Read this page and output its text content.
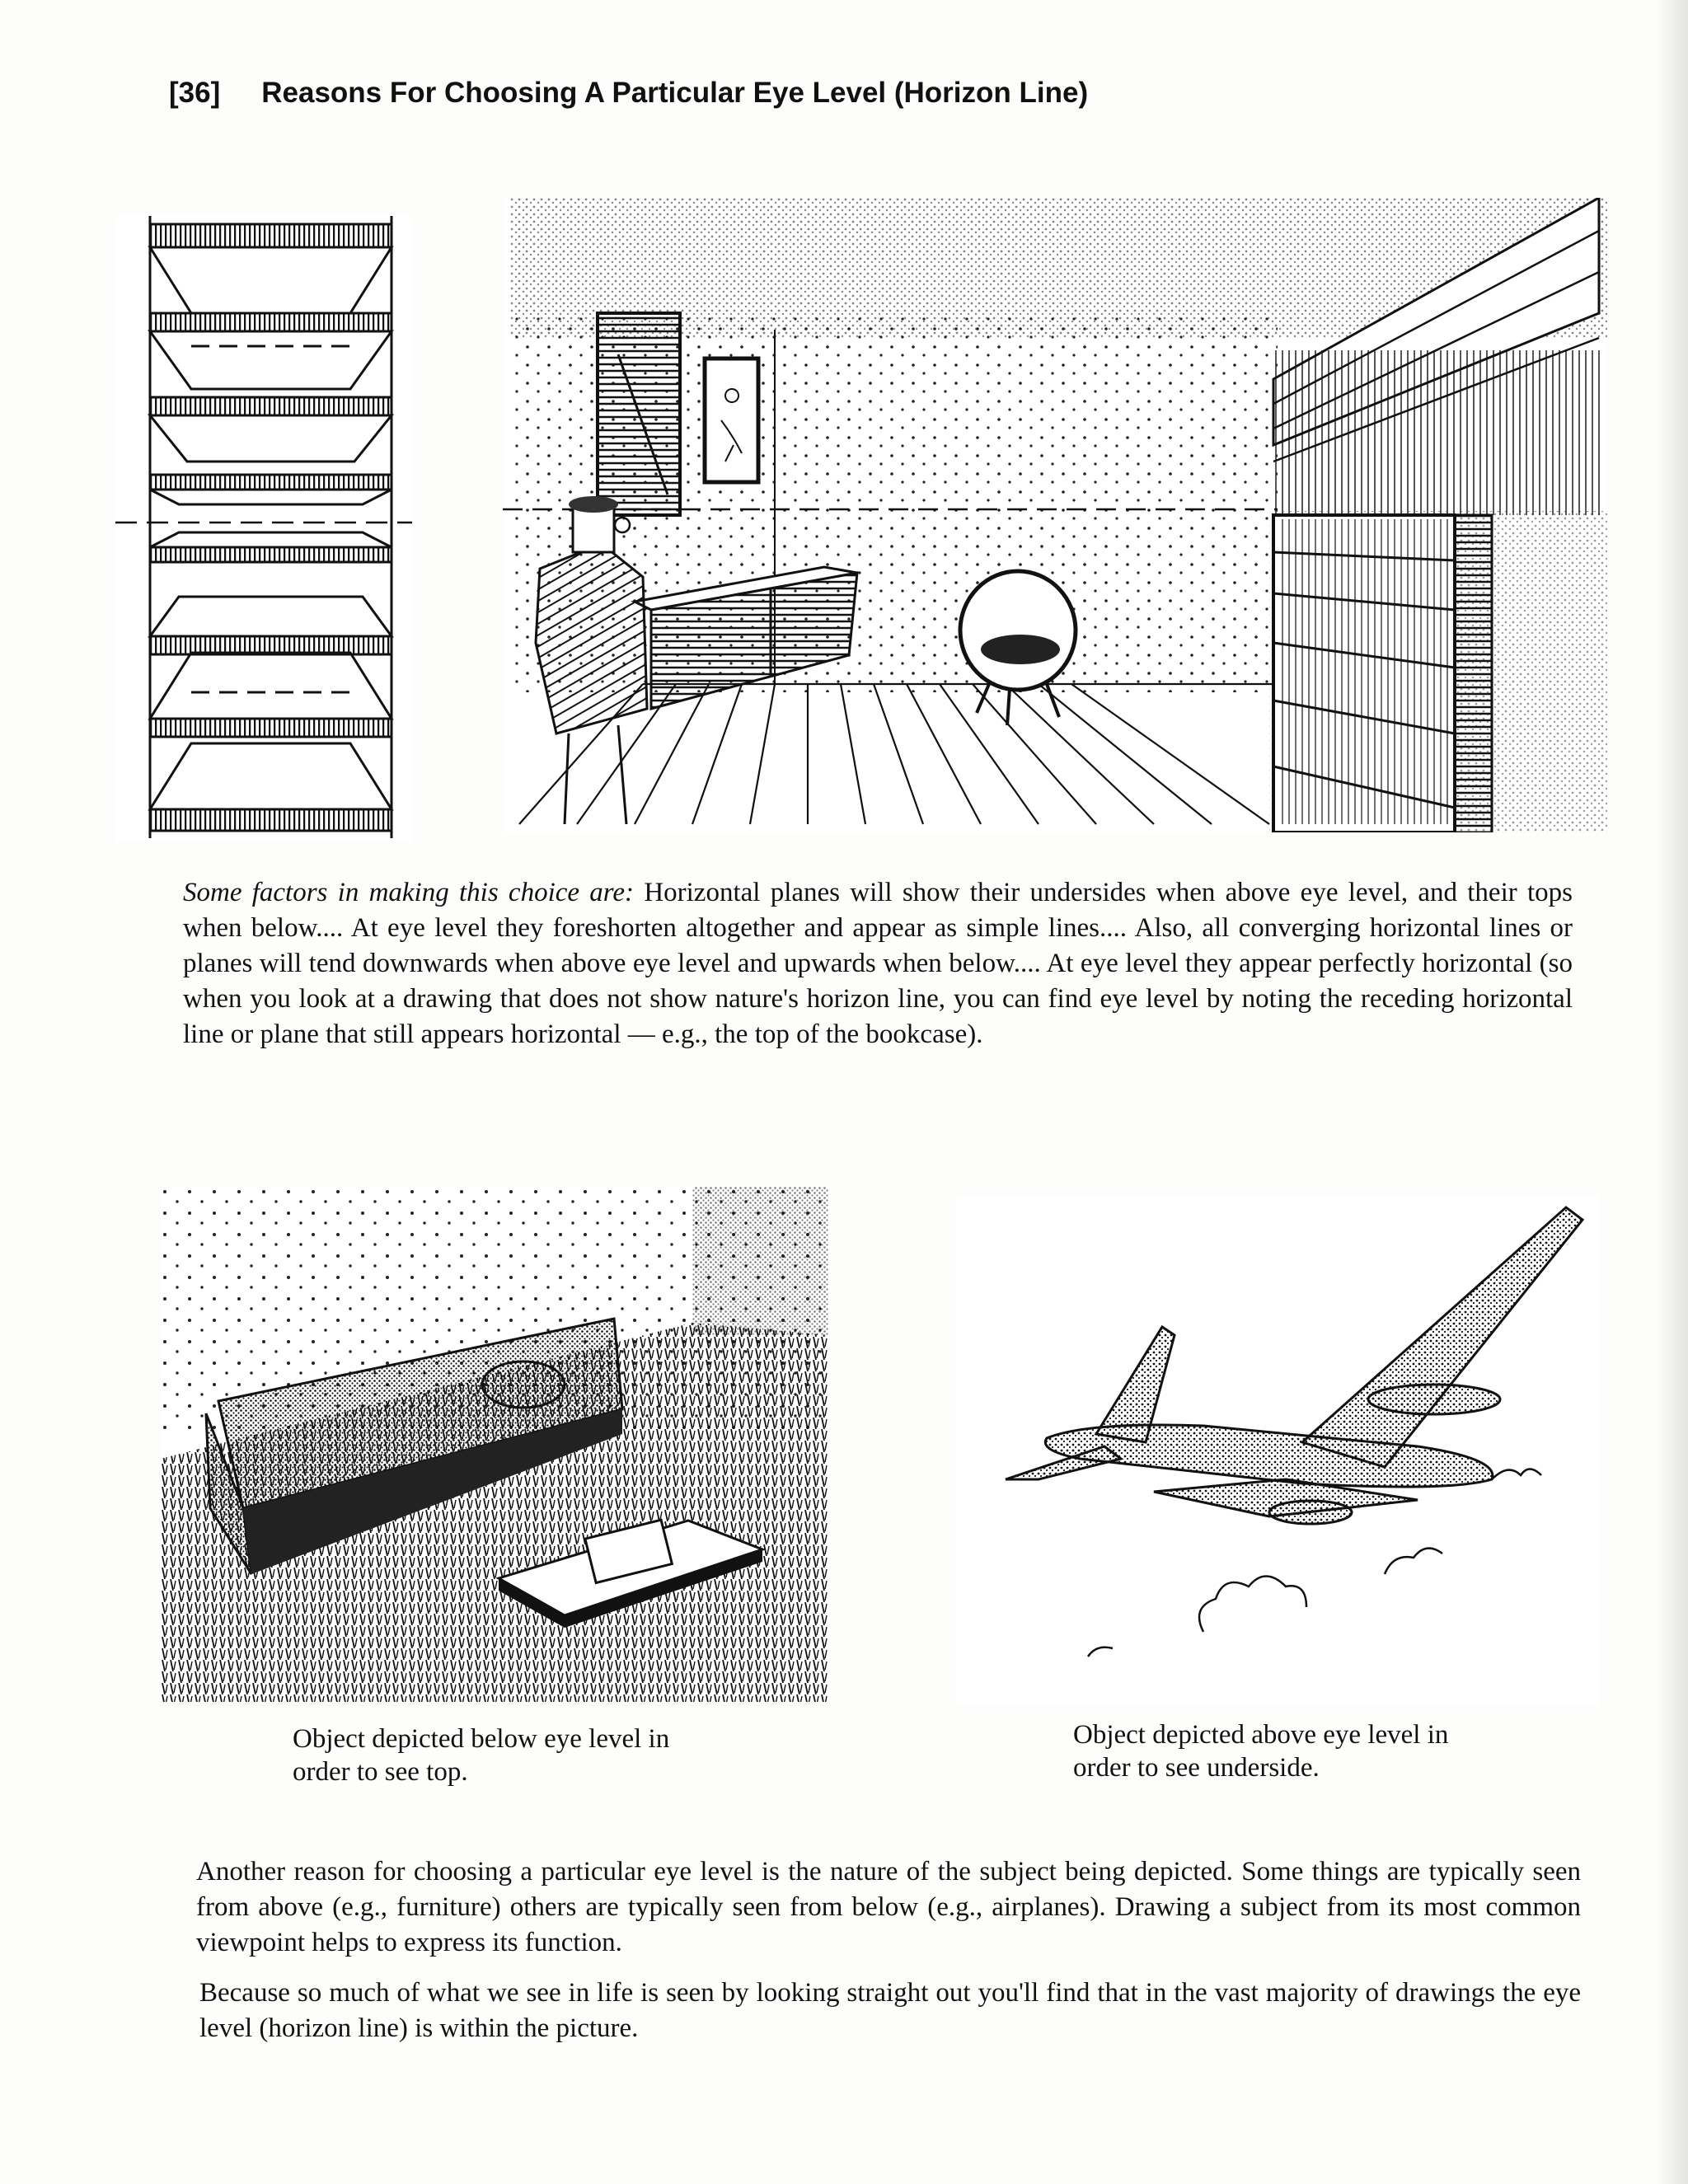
[36] Reasons For Choosing A Particular Eye Level (Horizon Line)

Some factors in making this choice are: Horizontal planes will show their undersides when above eye level, and their tops when below.... At eye level they foreshorten altogether and appear as simple lines.... Also, all converging horizontal lines or planes will tend downwards when above eye level and upwards when below.... At eye level they appear perfectly horizontal (so when you look at a drawing that does not show nature's horizon line, you can find eye level by noting the receding horizontal line or plane that still appears horizontal — e.g., the top of the bookcase).

Object depicted below eye level in order to see top.
Object depicted above eye level in order to see underside.

Another reason for choosing a particular eye level is the nature of the subject being depicted. Some things are typically seen from above (e.g., furniture) others are typically seen from below (e.g., airplanes). Drawing a subject from its most common viewpoint helps to express its function.

Because so much of what we see in life is seen by looking straight out you'll find that in the vast majority of drawings the eye level (horizon line) is within the picture.
